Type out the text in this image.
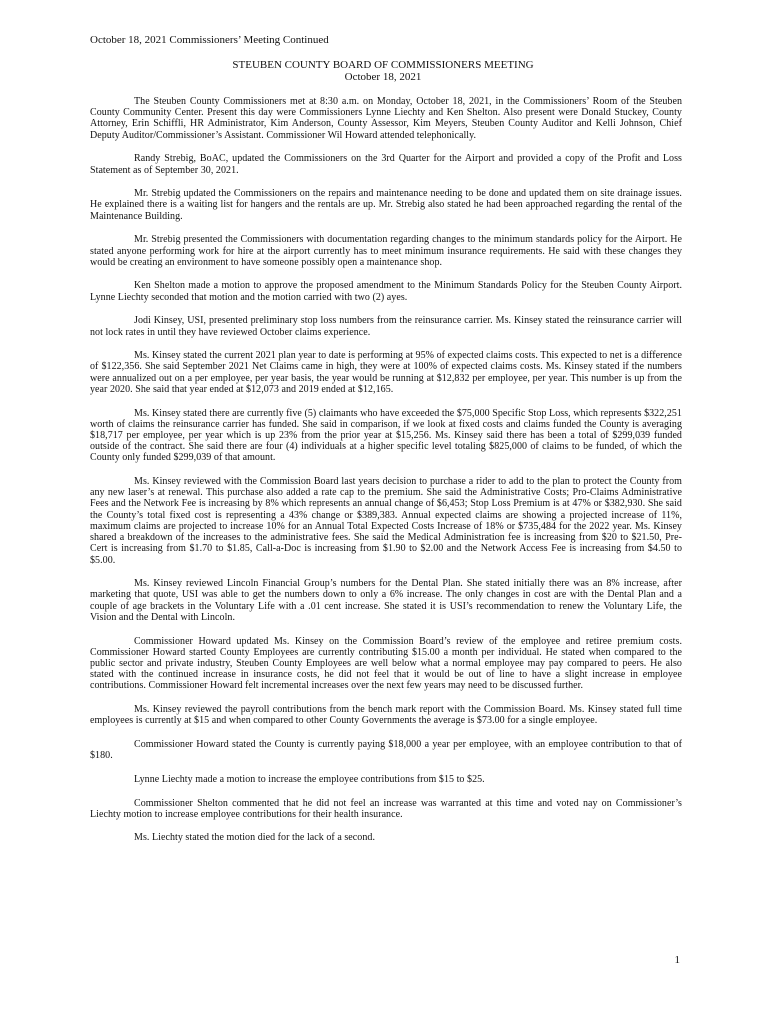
October 18, 2021 Commissioners’ Meeting Continued
STEUBEN COUNTY BOARD OF COMMISSIONERS MEETING
October 18, 2021

The Steuben County Commissioners met at 8:30 a.m. on Monday, October 18, 2021, in the Commissioners’ Room of the Steuben County Community Center. Present this day were Commissioners Lynne Liechty and Ken Shelton. Also present were Donald Stuckey, County Attorney, Erin Schiffli, HR Administrator, Kim Anderson, County Assessor, Kim Meyers, Steuben County Auditor and Kelli Johnson, Chief Deputy Auditor/Commissioner’s Assistant. Commissioner Wil Howard attended telephonically.

Randy Strebig, BoAC, updated the Commissioners on the 3rd Quarter for the Airport and provided a copy of the Profit and Loss Statement as of September 30, 2021.

Mr. Strebig updated the Commissioners on the repairs and maintenance needing to be done and updated them on site drainage issues. He explained there is a waiting list for hangers and the rentals are up. Mr. Strebig also stated he had been approached regarding the rental of the Maintenance Building.

Mr. Strebig presented the Commissioners with documentation regarding changes to the minimum standards policy for the Airport. He stated anyone performing work for hire at the airport currently has to meet minimum insurance requirements. He said with these changes they would be creating an environment to have someone possibly open a maintenance shop.

Ken Shelton made a motion to approve the proposed amendment to the Minimum Standards Policy for the Steuben County Airport. Lynne Liechty seconded that motion and the motion carried with two (2) ayes.

Jodi Kinsey, USI, presented preliminary stop loss numbers from the reinsurance carrier. Ms. Kinsey stated the reinsurance carrier will not lock rates in until they have reviewed October claims experience.

Ms. Kinsey stated the current 2021 plan year to date is performing at 95% of expected claims costs. This expected to net is a difference of $122,356. She said September 2021 Net Claims came in high, they were at 100% of expected claims costs. Ms. Kinsey stated if the numbers were annualized out on a per employee, per year basis, the year would be running at $12,832 per employee, per year. This number is up from the year 2020. She said that year ended at $12,073 and 2019 ended at $12,165.

Ms. Kinsey stated there are currently five (5) claimants who have exceeded the $75,000 Specific Stop Loss, which represents $322,251 worth of claims the reinsurance carrier has funded. She said in comparison, if we look at fixed costs and claims funded the County is averaging $18,717 per employee, per year which is up 23% from the prior year at $15,256. Ms. Kinsey said there has been a total of $299,039 funded outside of the contract. She said there are four (4) individuals at a higher specific level totaling $825,000 of claims to be funded, of which the County only funded $299,039 of that amount.

Ms. Kinsey reviewed with the Commission Board last years decision to purchase a rider to add to the plan to protect the County from any new laser’s at renewal. This purchase also added a rate cap to the premium. She said the Administrative Costs; Pro-Claims Administrative Fees and the Network Fee is increasing by 8% which represents an annual change of $6,453; Stop Loss Premium is at 47% or $382,930. She said the County’s total fixed cost is representing a 43% change or $389,383. Annual expected claims are showing a projected increase of 11%, maximum claims are projected to increase 10% for an Annual Total Expected Costs Increase of 18% or $735,484 for the 2022 year. Ms. Kinsey shared a breakdown of the increases to the administrative fees. She said the Medical Administration fee is increasing from $20 to $21.50, Pre-Cert is increasing from $1.70 to $1.85, Call-a-Doc is increasing from $1.90 to $2.00 and the Network Access Fee is increasing from $4.50 to $5.00.

Ms. Kinsey reviewed Lincoln Financial Group’s numbers for the Dental Plan. She stated initially there was an 8% increase, after marketing that quote, USI was able to get the numbers down to only a 6% increase. The only changes in cost are with the Dental Plan and a couple of age brackets in the Voluntary Life with a .01 cent increase. She stated it is USI’s recommendation to renew the Voluntary Life, the Vision and the Dental with Lincoln.

Commissioner Howard updated Ms. Kinsey on the Commission Board’s review of the employee and retiree premium costs. Commissioner Howard started County Employees are currently contributing $15.00 a month per individual. He stated when compared to the public sector and private industry, Steuben County Employees are well below what a normal employee may pay compared to peers. He also stated with the continued increase in insurance costs, he did not feel that it would be out of line to have a slight increase in employee contributions. Commissioner Howard felt incremental increases over the next few years may need to be discussed further.

Ms. Kinsey reviewed the payroll contributions from the bench mark report with the Commission Board. Ms. Kinsey stated full time employees is currently at $15 and when compared to other County Governments the average is $73.00 for a single employee.

Commissioner Howard stated the County is currently paying $18,000 a year per employee, with an employee contribution to that of $180.

Lynne Liechty made a motion to increase the employee contributions from $15 to $25.

Commissioner Shelton commented that he did not feel an increase was warranted at this time and voted nay on Commissioner’s Liechty motion to increase employee contributions for their health insurance.

Ms. Liechty stated the motion died for the lack of a second.

1
